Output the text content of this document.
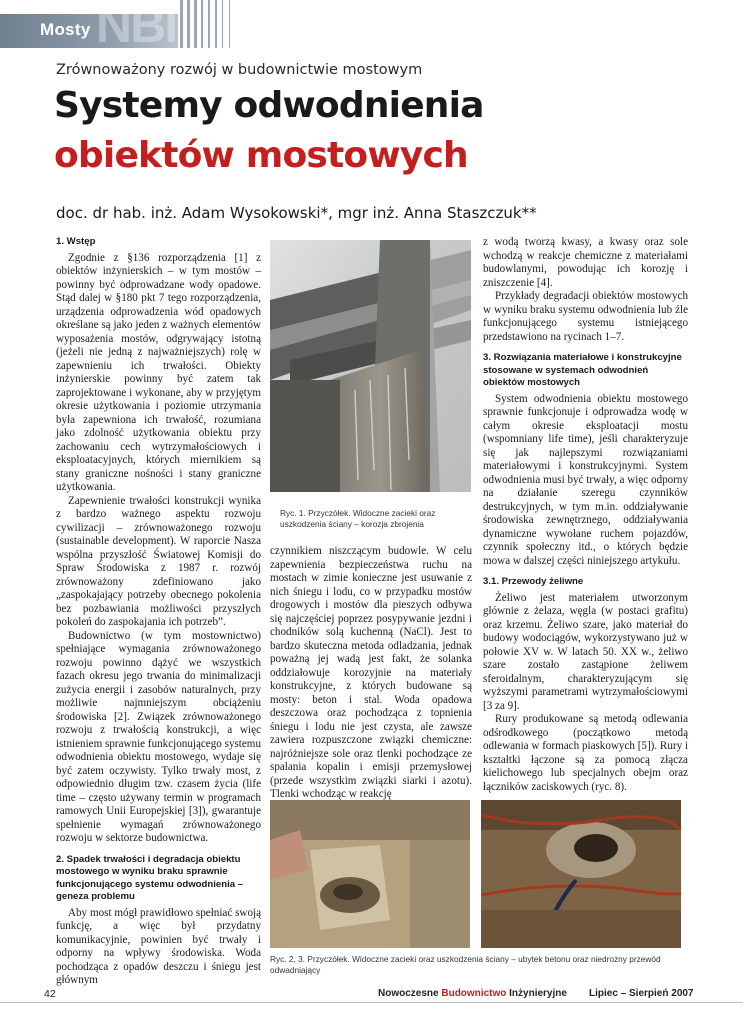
NBI
Mosty
Zrównoważony rozwój w budownictwie mostowym
Systemy odwodnienia
obiektów mostowych
doc. dr hab. inż. Adam Wysokowski*, mgr inż. Anna Staszczuk**
1. Wstęp

Zgodnie z §136 rozporządzenia [1] z obiektów inżynierskich – w tym mostów – powinny być odprowadzane wody opadowe. Stąd dalej w §180 pkt 7 tego rozporządzenia, urządzenia odprowadzenia wód opadowych określane są jako jeden z ważnych elementów wyposażenia mostów, odgrywający istotną (jeżeli nie jedną z najważniejszych) rolę w zapewnieniu ich trwałości. Obiekty inżynierskie powinny być zatem tak zaprojektowane i wykonane, aby w przyjętym okresie użytkowania i poziomie utrzymania była zapewniona ich trwałość, rozumiana jako zdolność użytkowania obiektu przy zachowaniu cech wytrzymałościowych i eksploatacyjnych, których miernikiem są stany graniczne nośności i stany graniczne użytkowania.

Zapewnienie trwałości konstrukcji wynika z bardzo ważnego aspektu rozwoju cywilizacji – zrównoważonego rozwoju (sustainable development). W raporcie Nasza wspólna przyszłość Światowej Komisji do Spraw Środowiska z 1987 r. rozwój zrównoważony zdefiniowano jako „zaspokajający potrzeby obecnego pokolenia bez pozbawiania możliwości przyszłych pokoleń do zaspokajania ich potrzeb”.

Budownictwo (w tym mostownictwo) spełniające wymagania zrównoważonego rozwoju powinno dążyć we wszystkich fazach okresu jego trwania do minimalizacji zużycia energii i zasobów naturalnych, przy możliwie najmniejszym obciążeniu środowiska [2]. Związek zrównoważonego rozwoju z trwałością konstrukcji, a więc istnieniem sprawnie funkcjonującego systemu odwodnienia obiektu mostowego, wydaje się być zatem oczywisty. Tylko trwały most, z odpowiednio długim tzw. czasem życia (life time – często używany termin w programach ramowych Unii Europejskiej [3]), gwarantuje spełnienie wymagań zrównoważonego rozwoju w sektorze budownictwa.

2. Spadek trwałości i degradacja obiektu mostowego w wyniku braku sprawnie funkcjonującego systemu odwodnienia – geneza problemu

Aby most mógł prawidłowo spełniać swoją funkcję, a więc był przydatny komunikacyjnie, powinien być trwały i odporny na wpływy środowiska. Woda pochodząca z opadów deszczu i śniegu jest głównym

Ryc. 1. Przyczółek. Widoczne zacieki oraz uszkodzenia ściany – korozja zbrojenia

czynnikiem niszczącym budowle. W celu zapewnienia bezpieczeństwa ruchu na mostach w zimie konieczne jest usuwanie z nich śniegu i lodu, co w przypadku mostów drogowych i mostów dla pieszych odbywa się najczęściej poprzez posypywanie jezdni i chodników solą kuchenną (NaCl). Jest to bardzo skuteczna metoda odladzania, jednak poważną jej wadą jest fakt, że solanka oddziałowuje korozyjnie na materiały konstrukcyjne, z których budowane są mosty: beton i stal. Woda opadowa deszczowa oraz pochodząca z topnienia śniegu i lodu nie jest czysta, ale zawsze zawiera rozpuszczone związki chemiczne: najróżniejsze sole oraz tlenki pochodzące ze spalania kopalin i emisji przemysłowej (przede wszystkim związki siarki i azotu). Tlenki wchodząc w reakcję

z wodą tworzą kwasy, a kwasy oraz sole wchodzą w reakcje chemiczne z materiałami budowlanymi, powodując ich korozję i zniszczenie [4].

Przykłady degradacji obiektów mostowych w wyniku braku systemu odwodnienia lub źle funkcjonującego systemu istniejącego przedstawiono na rycinach 1–7.

3. Rozwiązania materiałowe i konstrukcyjne stosowane w systemach odwodnień obiektów mostowych

System odwodnienia obiektu mostowego sprawnie funkcjonuje i odprowadza wodę w całym okresie eksploatacji mostu (wspomniany life time), jeśli charakteryzuje się jak najlepszymi rozwiązaniami materiałowymi i konstrukcyjnymi. System odwodnienia musi być trwały, a więc odporny na działanie szeregu czynników destrukcyjnych, w tym m.in. oddziaływanie środowiska zewnętrznego, oddziaływania dynamiczne wywołane ruchem pojazdów, czynnik społeczny itd., o których będzie mowa w dalszej części niniejszego artykułu.

3.1. Przewody żeliwne

Żeliwo jest materiałem utworzonym głównie z żelaza, węgla (w postaci grafitu) oraz krzemu. Żeliwo szare, jako materiał do budowy wodociągów, wykorzystywano już w połowie XV w. W latach 50. XX w., żeliwo szare zostało zastąpione żeliwem sferoidalnym, charakteryzującym się wyższymi parametrami wytrzymałościowymi [3 za 9].

Rury produkowane są metodą odlewania odśrodkowego (początkowo metodą odlewania w formach piaskowych [5]). Rury i kształtki łączone są za pomocą złącza kielichowego lub specjalnych obejm oraz łączników zaciskowych (ryc. 8).

Ryc. 2, 3. Przyczółek. Widoczne zacieki oraz uszkodzenia ściany – ubytek betonu oraz niedrożny przewód odwadniający
42	Nowoczesne Budownictwo Inżynieryjne Lipiec – Sierpień 2007
